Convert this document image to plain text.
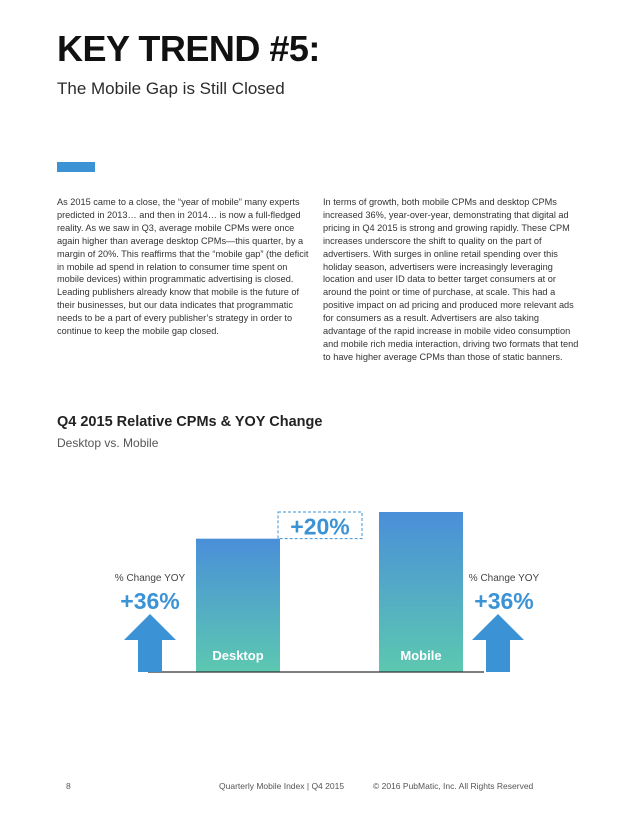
KEY TREND #5:
The Mobile Gap is Still Closed
As 2015 came to a close, the “year of mobile” many experts predicted in 2013… and then in 2014… is now a full-fledged reality. As we saw in Q3, average mobile CPMs were once again higher than average desktop CPMs—this quarter, by a margin of 20%. This reaffirms that the “mobile gap” (the deficit in mobile ad spend in relation to consumer time spent on mobile devices) within programmatic advertising is closed. Leading publishers already know that mobile is the future of their businesses, but our data indicates that programmatic needs to be a part of every publisher’s strategy in order to continue to keep the mobile gap closed.
In terms of growth, both mobile CPMs and desktop CPMs increased 36%, year-over-year, demonstrating that digital ad pricing in Q4 2015 is strong and growing rapidly. These CPM increases underscore the shift to quality on the part of advertisers. With surges in online retail spending over this holiday season, advertisers were increasingly leveraging location and user ID data to better target consumers at or around the point or time of purchase, at scale. This had a positive impact on ad pricing and produced more relevant ads for consumers as a result. Advertisers are also taking advantage of the rapid increase in mobile video consumption and mobile rich media interaction, driving two formats that tend to have higher average CPMs than those of static banners.
Q4 2015 Relative CPMs & YOY Change
Desktop vs. Mobile
Desktop	Mobile
+20%
% Change YOY
+36%
% Change YOY
+36%
8	Quarterly Mobile Index | Q4 2015	© 2016 PubMatic, Inc. All Rights Reserved
